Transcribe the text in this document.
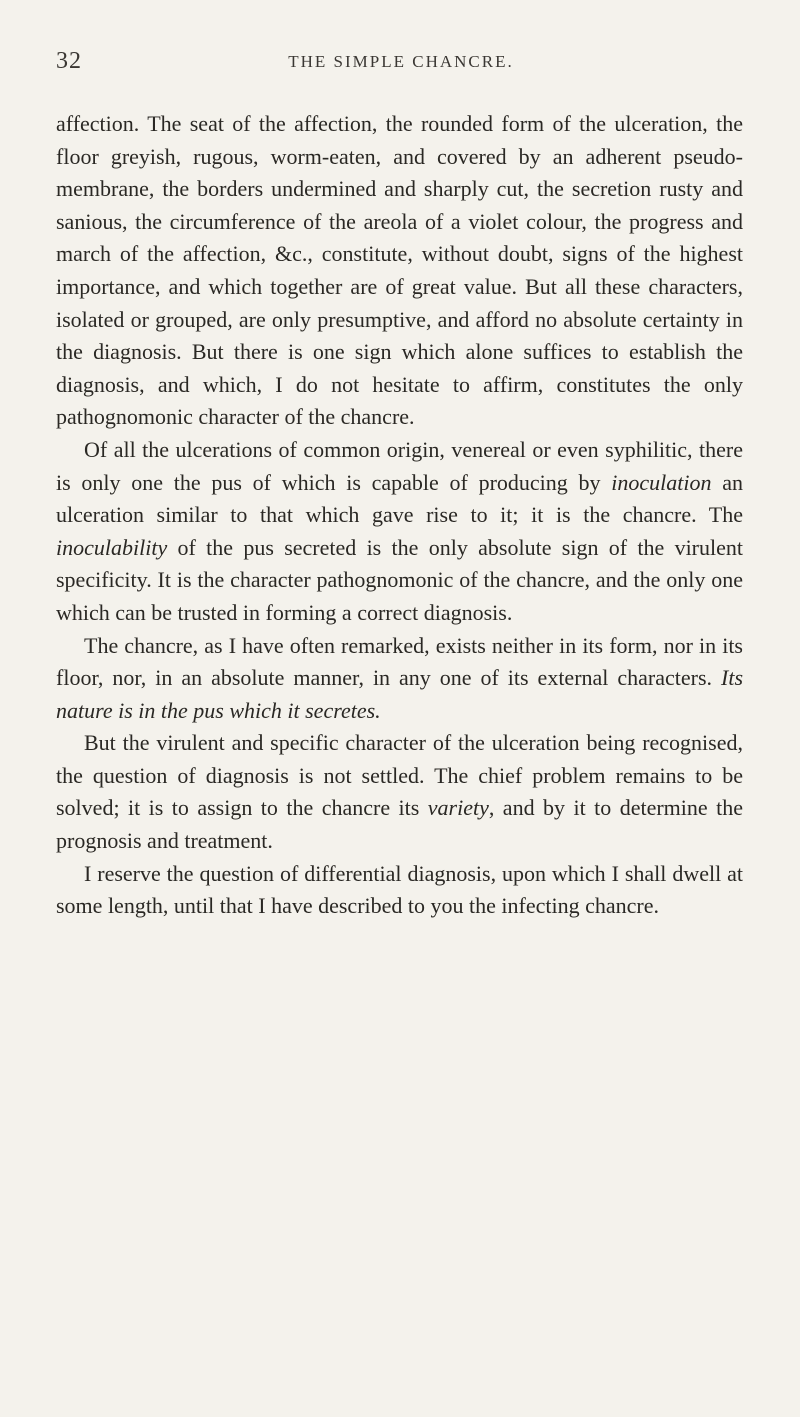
32	THE SIMPLE CHANCRE.

affection. The seat of the affection, the rounded form of the ulceration, the floor greyish, rugous, worm-eaten, and covered by an adherent pseudo-membrane, the borders undermined and sharply cut, the secretion rusty and sanious, the circumference of the areola of a violet colour, the progress and march of the affection, &c., constitute, without doubt, signs of the highest importance, and which together are of great value. But all these characters, isolated or grouped, are only presumptive, and afford no absolute certainty in the diagnosis. But there is one sign which alone suffices to establish the diagnosis, and which, I do not hesitate to affirm, constitutes the only pathognomonic character of the chancre.

Of all the ulcerations of common origin, venereal or even syphilitic, there is only one the pus of which is capable of producing by inoculation an ulceration similar to that which gave rise to it; it is the chancre. The inoculability of the pus secreted is the only absolute sign of the virulent specificity. It is the character pathognomonic of the chancre, and the only one which can be trusted in forming a correct diagnosis.

The chancre, as I have often remarked, exists neither in its form, nor in its floor, nor, in an absolute manner, in any one of its external characters. Its nature is in the pus which it secretes.

But the virulent and specific character of the ulceration being recognised, the question of diagnosis is not settled. The chief problem remains to be solved; it is to assign to the chancre its variety, and by it to determine the prognosis and treatment.

I reserve the question of differential diagnosis, upon which I shall dwell at some length, until that I have described to you the infecting chancre.
